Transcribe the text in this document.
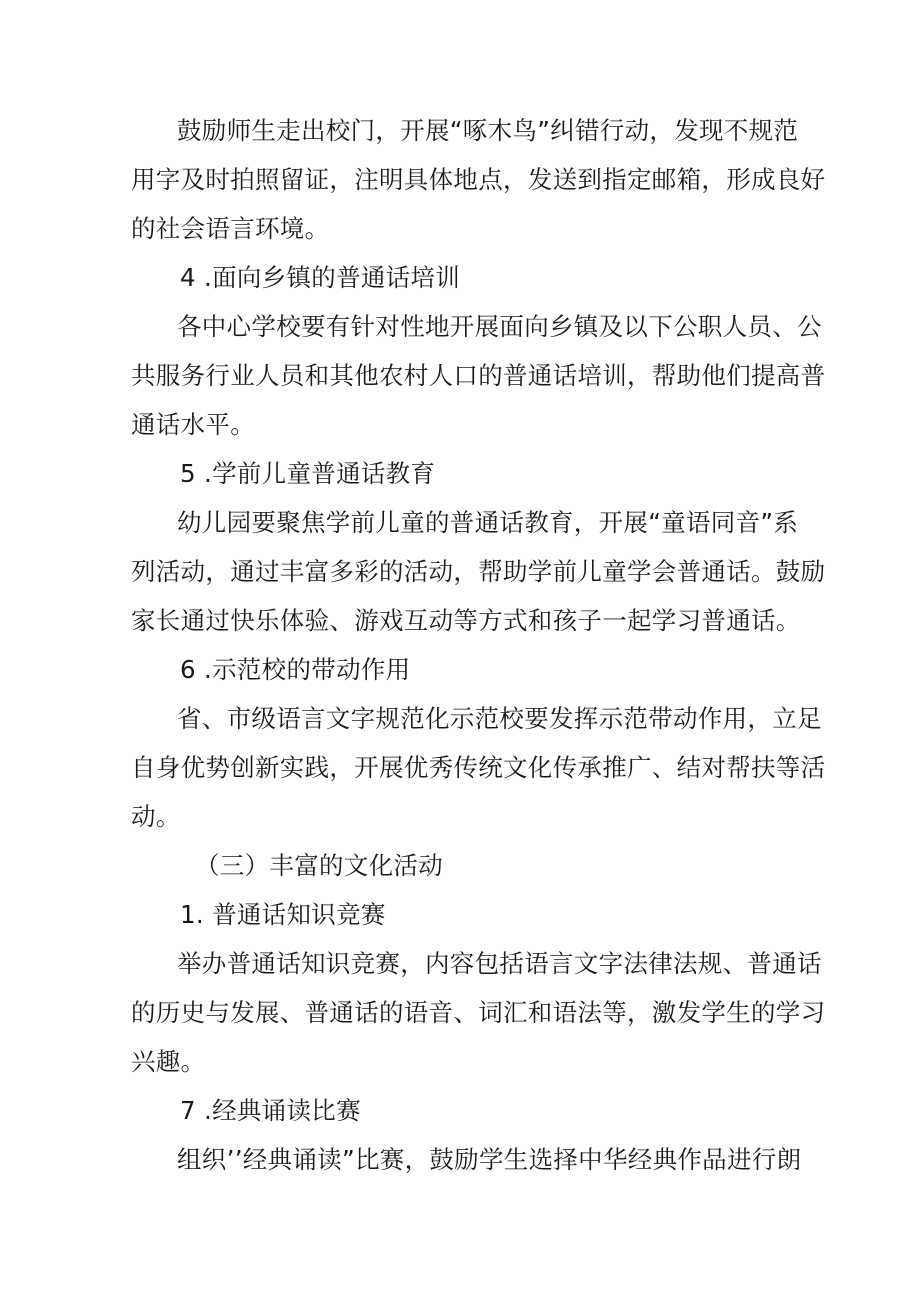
鼓励师生走出校门，开展“啄木鸟”纠错行动，发现不规范
用字及时拍照留证，注明具体地点，发送到指定邮箱，形成良好
的社会语言环境。
4 .面向乡镇的普通话培训
各中心学校要有针对性地开展面向乡镇及以下公职人员、公
共服务行业人员和其他农村人口的普通话培训，帮助他们提高普
通话水平。
5 .学前儿童普通话教育
幼儿园要聚焦学前儿童的普通话教育，开展“童语同音”系
列活动，通过丰富多彩的活动，帮助学前儿童学会普通话。鼓励
家长通过快乐体验、游戏互动等方式和孩子一起学习普通话。
6 .示范校的带动作用
省、市级语言文字规范化示范校要发挥示范带动作用，立足
自身优势创新实践，开展优秀传统文化传承推广、结对帮扶等活
动。
（三）丰富的文化活动
1. 普通话知识竞赛
举办普通话知识竞赛，内容包括语言文字法律法规、普通话
的历史与发展、普通话的语音、词汇和语法等，激发学生的学习
兴趣。
7 .经典诵读比赛
组织’’经典诵读”比赛，鼓励学生选择中华经典作品进行朗
